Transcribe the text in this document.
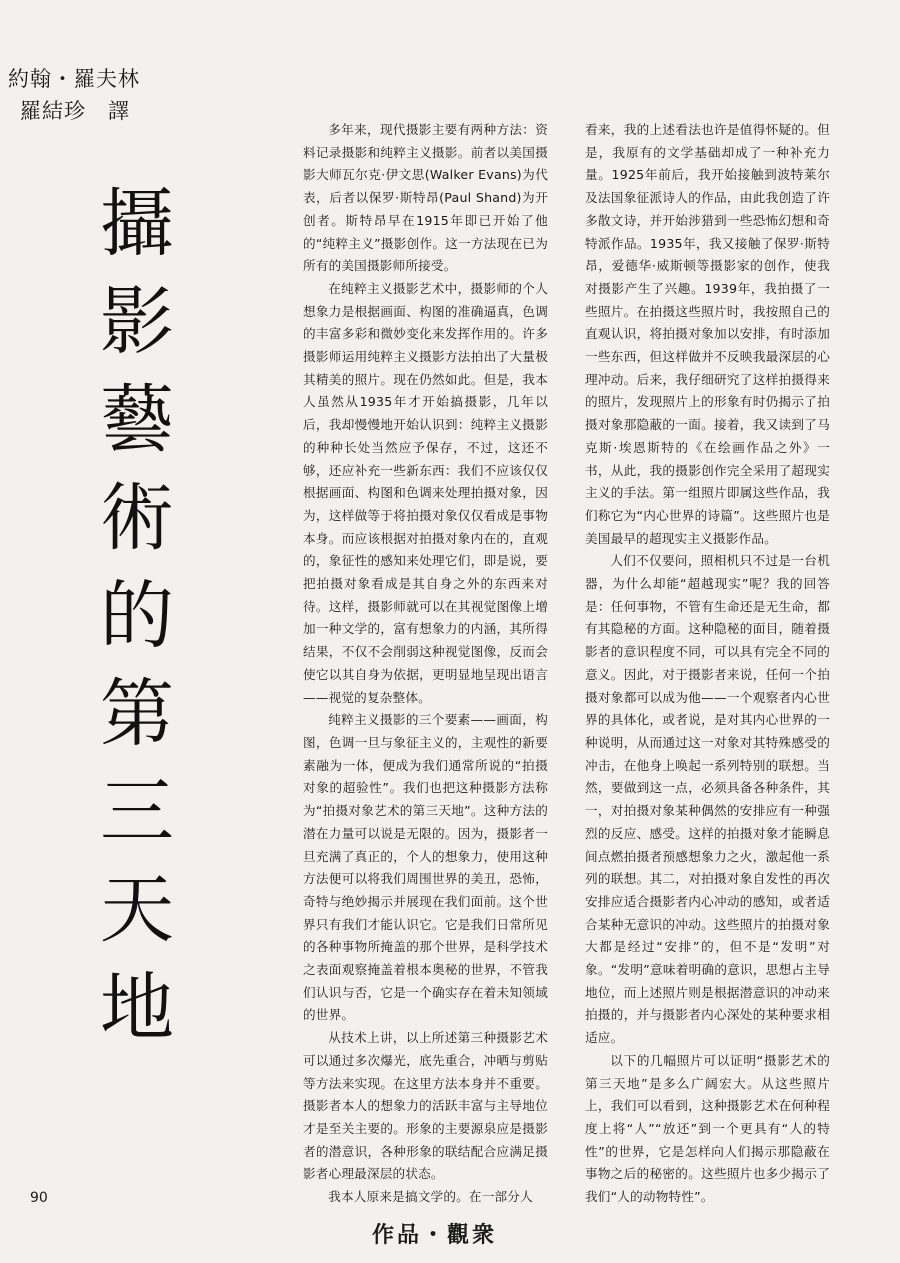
約翰・羅夫林
羅結珍　譯
攝
影
藝
術
的
第
三
天
地

多年来，现代摄影主要有两种方法：资料记录摄影和纯粹主义摄影。前者以美国摄影大师瓦尔克·伊文思(Walker Evans)为代表，后者以保罗·斯特昂(Paul Shand)为开创者。斯特昂早在1915年即已开始了他的“纯粹主义”摄影创作。这一方法现在已为所有的美国摄影师所接受。

在纯粹主义摄影艺术中，摄影师的个人想象力是根据画面、构图的准确逼真，色调的丰富多彩和微妙变化来发挥作用的。许多摄影师运用纯粹主义摄影方法拍出了大量极其精美的照片。现在仍然如此。但是，我本人虽然从1935年才开始搞摄影，几年以后，我却慢慢地开始认识到：纯粹主义摄影的种种长处当然应予保存，不过，这还不够，还应补充一些新东西：我们不应该仅仅根据画面、构图和色调来处理拍摄对象，因为，这样做等于将拍摄对象仅仅看成是事物本身。而应该根据对拍摄对象内在的，直观的，象征性的感知来处理它们，即是说，要把拍摄对象看成是其自身之外的东西来对待。这样，摄影师就可以在其视觉图像上增加一种文学的，富有想象力的内涵，其所得结果，不仅不会削弱这种视觉图像，反而会使它以其自身为依据，更明显地呈现出语言——视觉的复杂整体。

纯粹主义摄影的三个要素——画面，构图，色调一旦与象征主义的，主观性的新要素融为一体，便成为我们通常所说的“拍摄对象的超验性”。我们也把这种摄影方法称为“拍摄对象艺术的第三天地”。这种方法的潜在力量可以说是无限的。因为，摄影者一旦充满了真正的，个人的想象力，使用这种方法便可以将我们周围世界的美丑，恐怖，奇特与绝妙揭示并展现在我们面前。这个世界只有我们才能认识它。它是我们日常所见的各种事物所掩盖的那个世界，是科学技术之表面观察掩盖着根本奥秘的世界，不管我们认识与否，它是一个确实存在着未知领域的世界。

从技术上讲，以上所述第三种摄影艺术可以通过多次爆光，底先重合，冲晒与剪贴等方法来实现。在这里方法本身并不重要。摄影者本人的想象力的活跃丰富与主导地位才是至关主要的。形象的主要源泉应是摄影者的潜意识，各种形象的联结配合应满足摄影者心理最深层的状态。

我本人原来是搞文学的。在一部分人

看来，我的上述看法也许是值得怀疑的。但是，我原有的文学基础却成了一种补充力量。1925年前后，我开始接触到波特莱尔及法国象征派诗人的作品，由此我创造了许多散文诗，并开始涉猎到一些恐怖幻想和奇特派作品。1935年，我又接触了保罗·斯特昂，爱德华·威斯顿等摄影家的创作，使我对摄影产生了兴趣。1939年，我拍摄了一些照片。在拍摄这些照片时，我按照自己的直观认识，将拍摄对象加以安排，有时添加一些东西，但这样做并不反映我最深层的心理冲动。后来，我仔细研究了这样拍摄得来的照片，发现照片上的形象有时仍揭示了拍摄对象那隐蔽的一面。接着，我又读到了马克斯·埃恩斯特的《在绘画作品之外》一书，从此，我的摄影创作完全采用了超现实主义的手法。第一组照片即属这些作品，我们称它为“内心世界的诗篇”。这些照片也是美国最早的超现实主义摄影作品。

人们不仅要问，照相机只不过是一台机器，为什么却能“超越现实”呢？我的回答是：任何事物，不管有生命还是无生命，都有其隐秘的方面。这种隐秘的面目，随着摄影者的意识程度不同，可以具有完全不同的意义。因此，对于摄影者来说，任何一个拍摄对象都可以成为他——一个观察者内心世界的具体化，或者说，是对其内心世界的一种说明，从而通过这一对象对其特殊感受的冲击，在他身上唤起一系列特别的联想。当然，要做到这一点，必须具备各种条件，其一，对拍摄对象某种偶然的安排应有一种强烈的反应、感受。这样的拍摄对象才能瞬息间点燃拍摄者预感想象力之火，激起他一系列的联想。其二，对拍摄对象自发性的再次安排应适合摄影者内心冲动的感知，或者适合某种无意识的冲动。这些照片的拍摄对象大都是经过“安排”的，但不是“发明”对象。“发明”意味着明确的意识，思想占主导地位，而上述照片则是根据潜意识的冲动来拍摄的，并与摄影者内心深处的某种要求相适应。

以下的几幅照片可以证明“摄影艺术的第三天地”是多么广阔宏大。从这些照片上，我们可以看到，这种摄影艺术在何种程度上将“人”“放还”到一个更具有“人的特性”的世界，它是怎样向人们揭示那隐蔽在事物之后的秘密的。这些照片也多少揭示了我们“人的动物特性”。

90
作品・觀衆
